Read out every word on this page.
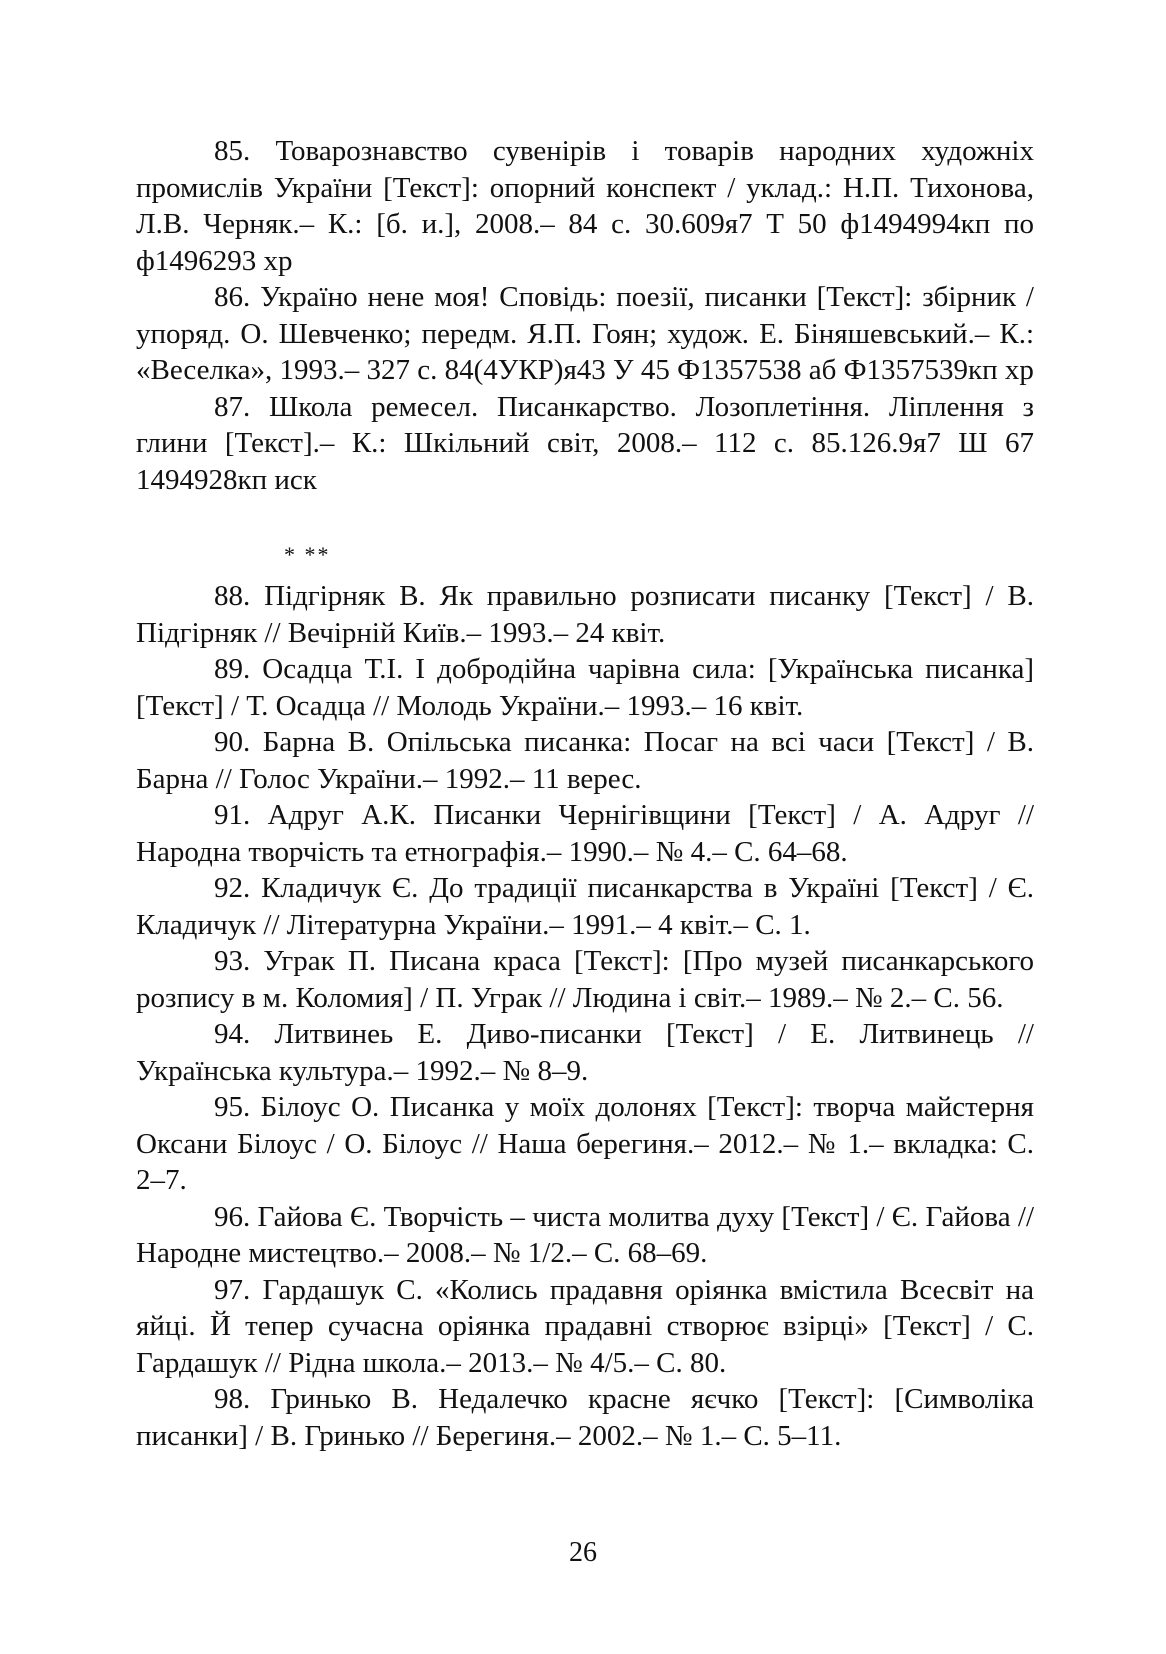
85. Товарознавство сувенірів і товарів народних художніх промислів України [Текст]: опорний конспект / уклад.: Н.П. Тихонова, Л.В. Черняк.– К.: [б. и.], 2008.– 84 с. 30.609я7 Т 50 ф1494994кп по ф1496293 хр

86. Україно нене моя! Сповідь: поезії, писанки [Текст]: збірник / упоряд. О. Шевченко; передм. Я.П. Гоян; худож. Е. Біняшевський.– К.: «Веселка», 1993.– 327 с. 84(4УКР)я43 У 45 Ф1357538 аб Ф1357539кп хр

87. Школа ремесел. Писанкарство. Лозоплетіння. Ліплення з глини [Текст].– К.: Шкільний світ, 2008.– 112 с. 85.126.9я7 Ш 67 1494928кп иск

* **

88. Підгірняк В. Як правильно розписати писанку [Текст] / В. Підгірняк // Вечірній Київ.– 1993.– 24 квіт.

89. Осадца Т.І. І добродійна чарівна сила: [Українська писанка] [Текст] / Т. Осадца // Молодь України.– 1993.– 16 квіт.

90. Барна В. Опільська писанка: Посаг на всі часи [Текст] / В. Барна // Голос України.– 1992.– 11 верес.

91. Адруг А.К. Писанки Чернігівщини [Текст] / А. Адруг // Народна творчість та етнографія.– 1990.– № 4.– С. 64–68.

92. Кладичук Є. До традиції писанкарства в Україні [Текст] / Є. Кладичук // Літературна України.– 1991.– 4 квіт.– С. 1.

93. Уграк П. Писана краса [Текст]: [Про музей писанкарського розпису в м. Коломия] / П. Уграк // Людина і світ.– 1989.– № 2.– С. 56.

94. Литвинеь Е. Диво-писанки [Текст] / Е. Литвинець // Українська культура.– 1992.– № 8–9.

95. Білоус О. Писанка у моїх долонях [Текст]: творча майстерня Оксани Білоус / О. Білоус // Наша берегиня.– 2012.– № 1.– вкладка: С. 2–7.

96. Гайова Є. Творчість – чиста молитва духу [Текст] / Є. Гайова // Народне мистецтво.– 2008.– № 1/2.– С. 68–69.

97. Гардашук С. «Колись прадавня оріянка вмістила Всесвіт на яйці. Й тепер сучасна оріянка прадавні створює взірці» [Текст] / С. Гардашук // Рідна школа.– 2013.– № 4/5.– С. 80.

98. Гринько В. Недалечко красне яєчко [Текст]: [Символіка писанки] / В. Гринько // Берегиня.– 2002.– № 1.– С. 5–11.

26
